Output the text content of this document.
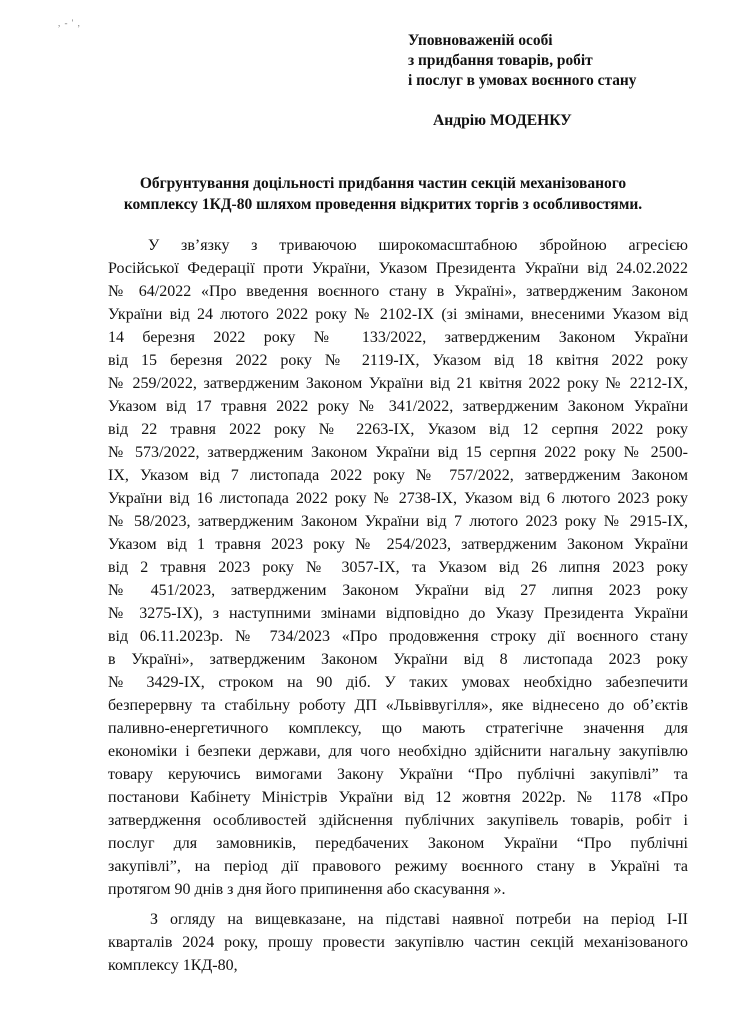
, - ' ,
Уповноваженій особі
з придбання товарів, робіт
і послуг в умовах воєнного стану
Андрію МОДЕНКУ
Обгрунтування доцільності придбання частин секцій механізованого
комплексу 1КД-80 шляхом проведення відкритих торгів з особливостями.
У зв’язку з триваючою широкомасштабною збройною агресією
Російської Федерації проти України, Указом Президента України від 24.02.2022
№ 64/2022 «Про введення воєнного стану в Україні», затвердженим Законом
України від 24 лютого 2022 року № 2102-ІХ (зі змінами, внесеними Указом від
14 березня 2022 року № 133/2022, затвердженим Законом України
від 15 березня 2022 року № 2119-ІХ, Указом від 18 квітня 2022 року
№ 259/2022, затвердженим Законом України від 21 квітня 2022 року № 2212-ІХ,
Указом від 17 травня 2022 року № 341/2022, затвердженим Законом України
від 22 травня 2022 року № 2263-ІХ, Указом від 12 серпня 2022 року
№ 573/2022, затвердженим Законом України від 15 серпня 2022 року № 2500-
ІХ, Указом від 7 листопада 2022 року № 757/2022, затвердженим Законом
України від 16 листопада 2022 року № 2738-ІХ, Указом від 6 лютого 2023 року
№ 58/2023, затвердженим Законом України від 7 лютого 2023 року № 2915-ІХ,
Указом від 1 травня 2023 року № 254/2023, затвердженим Законом України
від 2 травня 2023 року № 3057-ІХ, та Указом від 26 липня 2023 року
№ 451/2023, затвердженим Законом України від 27 липня 2023 року
№ 3275-ІХ), з наступними змінами відповідно до Указу Президента України
від 06.11.2023р. № 734/2023 «Про продовження строку дії воєнного стану
в Україні», затвердженим Законом України від 8 листопада 2023 року
№ 3429-ІХ, строком на 90 діб. У таких умовах необхідно забезпечити
безперервну та стабільну роботу ДП «Львіввугілля», яке віднесено до об’єктів
паливно-енергетичного комплексу, що мають стратегічне значення для
економіки і безпеки держави, для чого необхідно здійснити нагальну закупівлю
товару керуючись вимогами Закону України “Про публічні закупівлі” та
постанови Кабінету Міністрів України від 12 жовтня 2022р. № 1178 «Про
затвердження особливостей здійснення публічних закупівель товарів, робіт і
послуг для замовників, передбачених Законом України “Про публічні
закупівлі”, на період дії правового режиму воєнного стану в Україні та
протягом 90 днів з дня його припинення або скасування ».
З огляду на вищевказане, на підставі наявної потреби на період І-ІІ
кварталів 2024 року, прошу провести закупівлю частин секцій механізованого
комплексу 1КД-80,
